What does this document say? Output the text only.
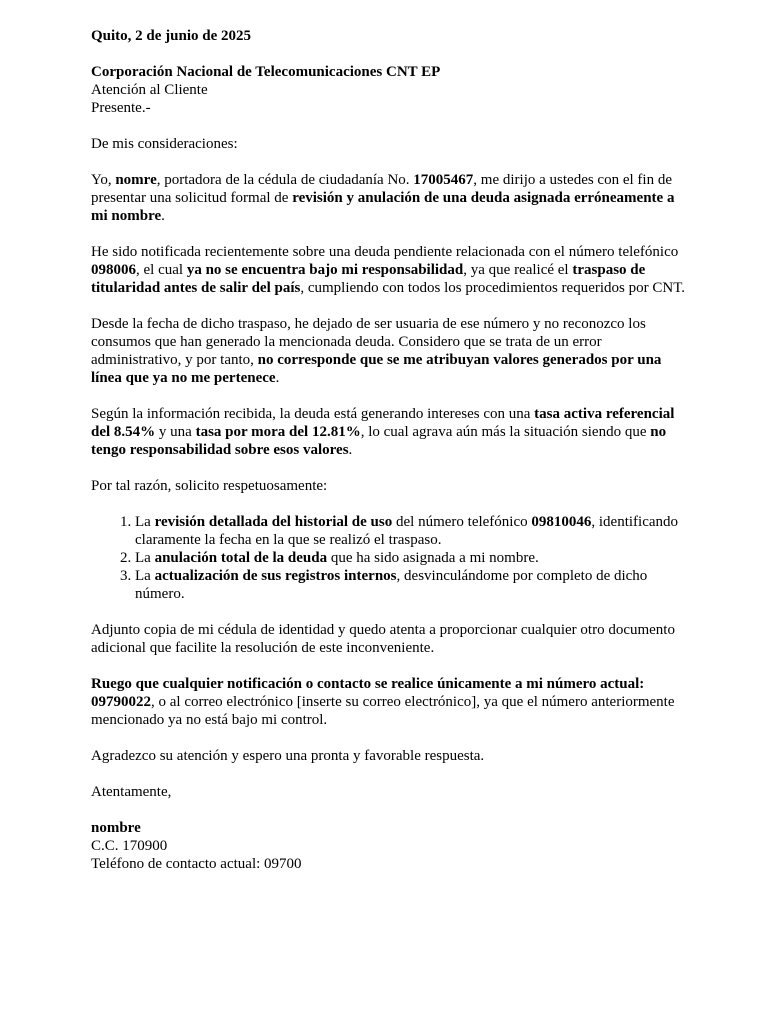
Quito, 2 de junio de 2025

Corporación Nacional de Telecomunicaciones CNT EP
Atención al Cliente
Presente.-

De mis consideraciones:

Yo, nomre, portadora de la cédula de ciudadanía No. 17005467, me dirijo a ustedes con el fin de presentar una solicitud formal de revisión y anulación de una deuda asignada erróneamente a mi nombre.

He sido notificada recientemente sobre una deuda pendiente relacionada con el número telefónico 098006, el cual ya no se encuentra bajo mi responsabilidad, ya que realicé el traspaso de titularidad antes de salir del país, cumpliendo con todos los procedimientos requeridos por CNT.

Desde la fecha de dicho traspaso, he dejado de ser usuaria de ese número y no reconozco los consumos que han generado la mencionada deuda. Considero que se trata de un error administrativo, y por tanto, no corresponde que se me atribuyan valores generados por una línea que ya no me pertenece.

Según la información recibida, la deuda está generando intereses con una tasa activa referencial del 8.54% y una tasa por mora del 12.81%, lo cual agrava aún más la situación siendo que no tengo responsabilidad sobre esos valores.

Por tal razón, solicito respetuosamente:

1. La revisión detallada del historial de uso del número telefónico 09810046, identificando claramente la fecha en la que se realizó el traspaso.
2. La anulación total de la deuda que ha sido asignada a mi nombre.
3. La actualización de sus registros internos, desvinculándome por completo de dicho número.

Adjunto copia de mi cédula de identidad y quedo atenta a proporcionar cualquier otro documento adicional que facilite la resolución de este inconveniente.

Ruego que cualquier notificación o contacto se realice únicamente a mi número actual: 09790022, o al correo electrónico [inserte su correo electrónico], ya que el número anteriormente mencionado ya no está bajo mi control.

Agradezco su atención y espero una pronta y favorable respuesta.

Atentamente,

nombre
C.C. 170900
Teléfono de contacto actual: 09700
